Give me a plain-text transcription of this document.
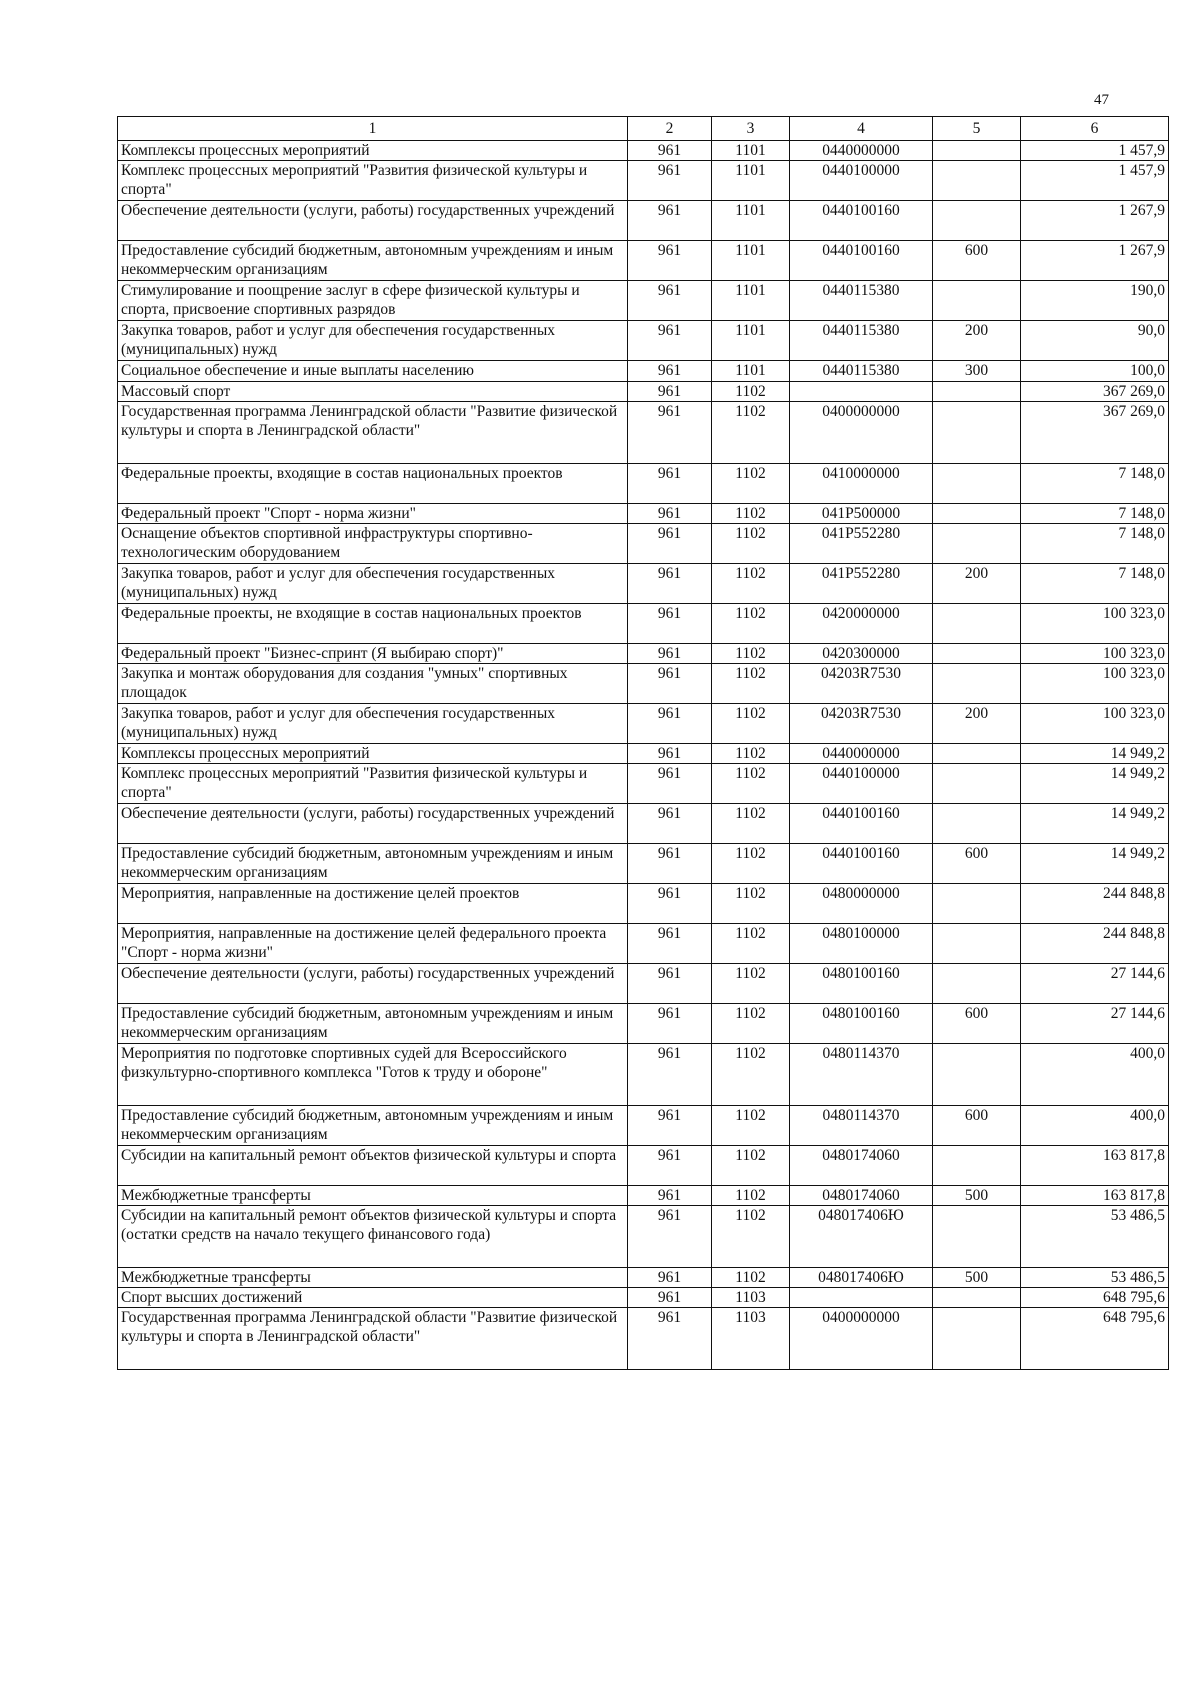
47
1	2	3	4	5	6
Комплексы процессных мероприятий	961	1101	0440000000		1 457,9
Комплекс процессных мероприятий "Развития физической культуры и спорта"	961	1101	0440100000		1 457,9
Обеспечение деятельности (услуги, работы) государственных учреждений	961	1101	0440100160		1 267,9
Предоставление субсидий бюджетным, автономным учреждениям и иным некоммерческим организациям	961	1101	0440100160	600	1 267,9
Стимулирование и поощрение заслуг в сфере физической культуры и спорта, присвоение спортивных разрядов	961	1101	0440115380		190,0
Закупка товаров, работ и услуг для обеспечения государственных (муниципальных) нужд	961	1101	0440115380	200	90,0
Социальное обеспечение и иные выплаты населению	961	1101	0440115380	300	100,0
Массовый спорт	961	1102			367 269,0
Государственная программа Ленинградской области "Развитие физической культуры и спорта в Ленинградской области"	961	1102	0400000000		367 269,0
Федеральные проекты, входящие в состав национальных проектов	961	1102	0410000000		7 148,0
Федеральный проект "Спорт - норма жизни"	961	1102	041P500000		7 148,0
Оснащение объектов спортивной инфраструктуры спортивно-технологическим оборудованием	961	1102	041P552280		7 148,0
Закупка товаров, работ и услуг для обеспечения государственных (муниципальных) нужд	961	1102	041P552280	200	7 148,0
Федеральные проекты, не входящие в состав национальных проектов	961	1102	0420000000		100 323,0
Федеральный проект "Бизнес-спринт (Я выбираю спорт)"	961	1102	0420300000		100 323,0
Закупка и монтаж оборудования для создания "умных" спортивных площадок	961	1102	04203R7530		100 323,0
Закупка товаров, работ и услуг для обеспечения государственных (муниципальных) нужд	961	1102	04203R7530	200	100 323,0
Комплексы процессных мероприятий	961	1102	0440000000		14 949,2
Комплекс процессных мероприятий "Развития физической культуры и спорта"	961	1102	0440100000		14 949,2
Обеспечение деятельности (услуги, работы) государственных учреждений	961	1102	0440100160		14 949,2
Предоставление субсидий бюджетным, автономным учреждениям и иным некоммерческим организациям	961	1102	0440100160	600	14 949,2
Мероприятия, направленные на достижение целей проектов	961	1102	0480000000		244 848,8
Мероприятия, направленные на достижение целей федерального проекта "Спорт - норма жизни"	961	1102	0480100000		244 848,8
Обеспечение деятельности (услуги, работы) государственных учреждений	961	1102	0480100160		27 144,6
Предоставление субсидий бюджетным, автономным учреждениям и иным некоммерческим организациям	961	1102	0480100160	600	27 144,6
Мероприятия по подготовке спортивных судей для Всероссийского физкультурно-спортивного комплекса "Готов к труду и обороне"	961	1102	0480114370		400,0
Предоставление субсидий бюджетным, автономным учреждениям и иным некоммерческим организациям	961	1102	0480114370	600	400,0
Субсидии на капитальный ремонт объектов физической культуры и спорта	961	1102	0480174060		163 817,8
Межбюджетные трансферты	961	1102	0480174060	500	163 817,8
Субсидии на капитальный ремонт объектов физической культуры и спорта (остатки средств на начало текущего финансового года)	961	1102	048017406Ю		53 486,5
Межбюджетные трансферты	961	1102	048017406Ю	500	53 486,5
Спорт высших достижений	961	1103			648 795,6
Государственная программа Ленинградской области "Развитие физической культуры и спорта в Ленинградской области"	961	1103	0400000000		648 795,6
